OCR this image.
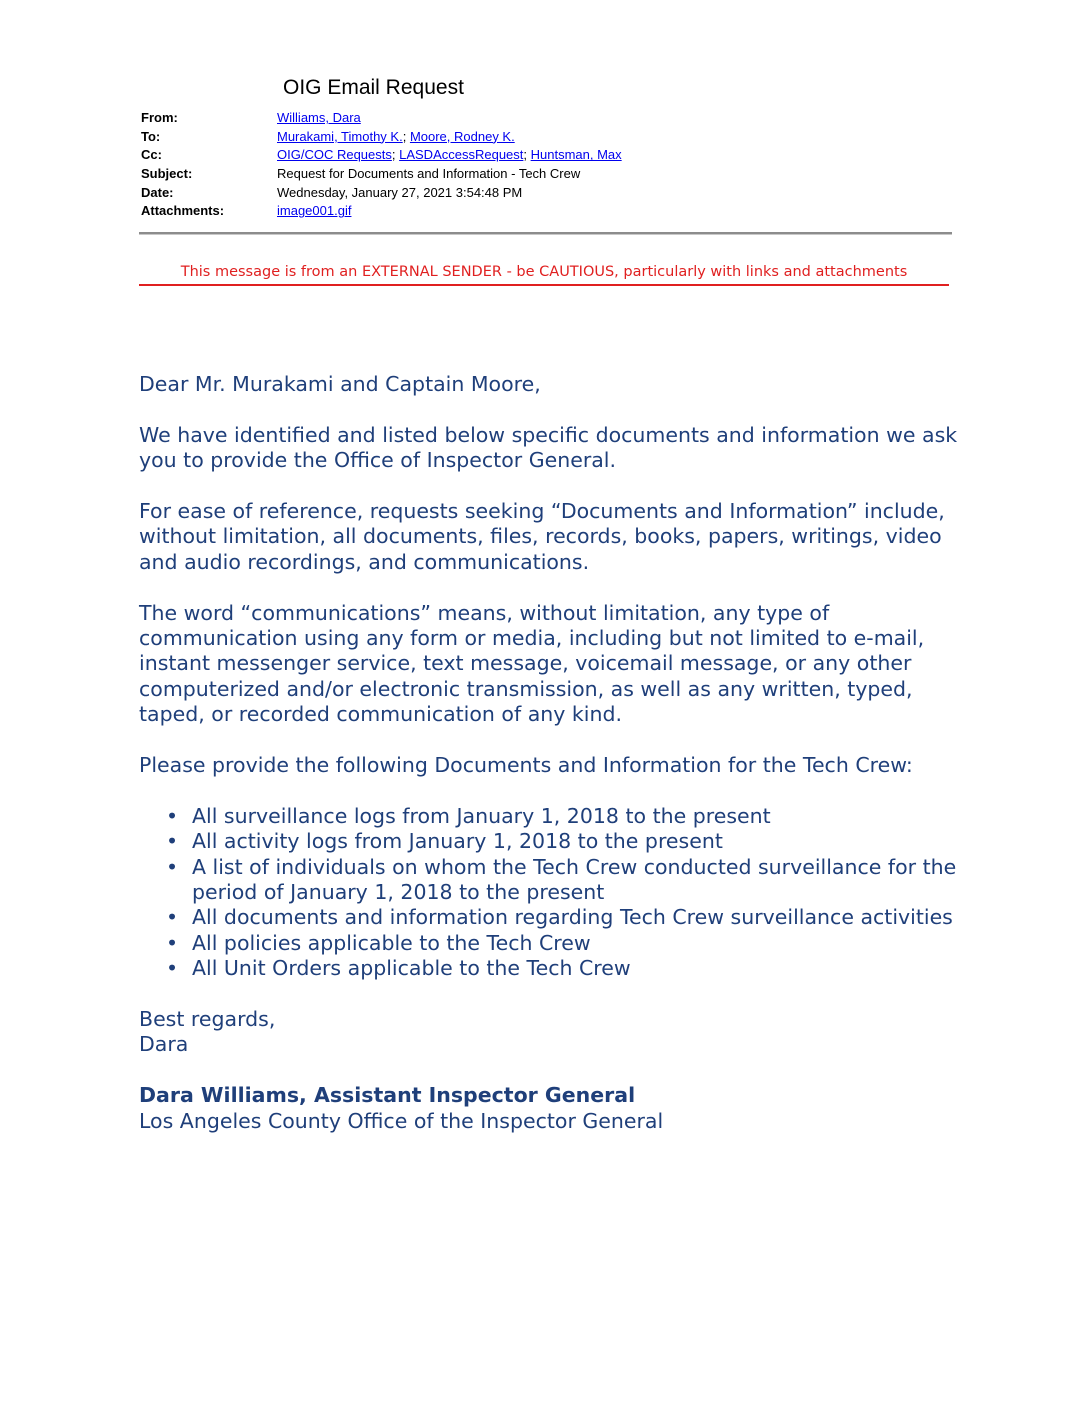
OIG Email Request
From:	Williams, Dara
To:	Murakami, Timothy K.; Moore, Rodney K.
Cc:	OIG/COC Requests; LASDAccessRequest; Huntsman, Max
Subject:	Request for Documents and Information - Tech Crew
Date:	Wednesday, January 27, 2021 3:54:48 PM
Attachments:	image001.gif
This message is from an EXTERNAL SENDER - be CAUTIOUS, particularly with links and attachments

Dear Mr. Murakami and Captain Moore,

We have identified and listed below specific documents and information we ask you to provide the Office of Inspector General.

For ease of reference, requests seeking “Documents and Information” include, without limitation, all documents, files, records, books, papers, writings, video and audio recordings, and communications.

The word “communications” means, without limitation, any type of communication using any form or media, including but not limited to e-mail, instant messenger service, text message, voicemail message, or any other computerized and/or electronic transmission, as well as any written, typed, taped, or recorded communication of any kind.

Please provide the following Documents and Information for the Tech Crew:

• All surveillance logs from January 1, 2018 to the present
• All activity logs from January 1, 2018 to the present
• A list of individuals on whom the Tech Crew conducted surveillance for the period of January 1, 2018 to the present
• All documents and information regarding Tech Crew surveillance activities
• All policies applicable to the Tech Crew
• All Unit Orders applicable to the Tech Crew

Best regards,
Dara

Dara Williams, Assistant Inspector General
Los Angeles County Office of the Inspector General
